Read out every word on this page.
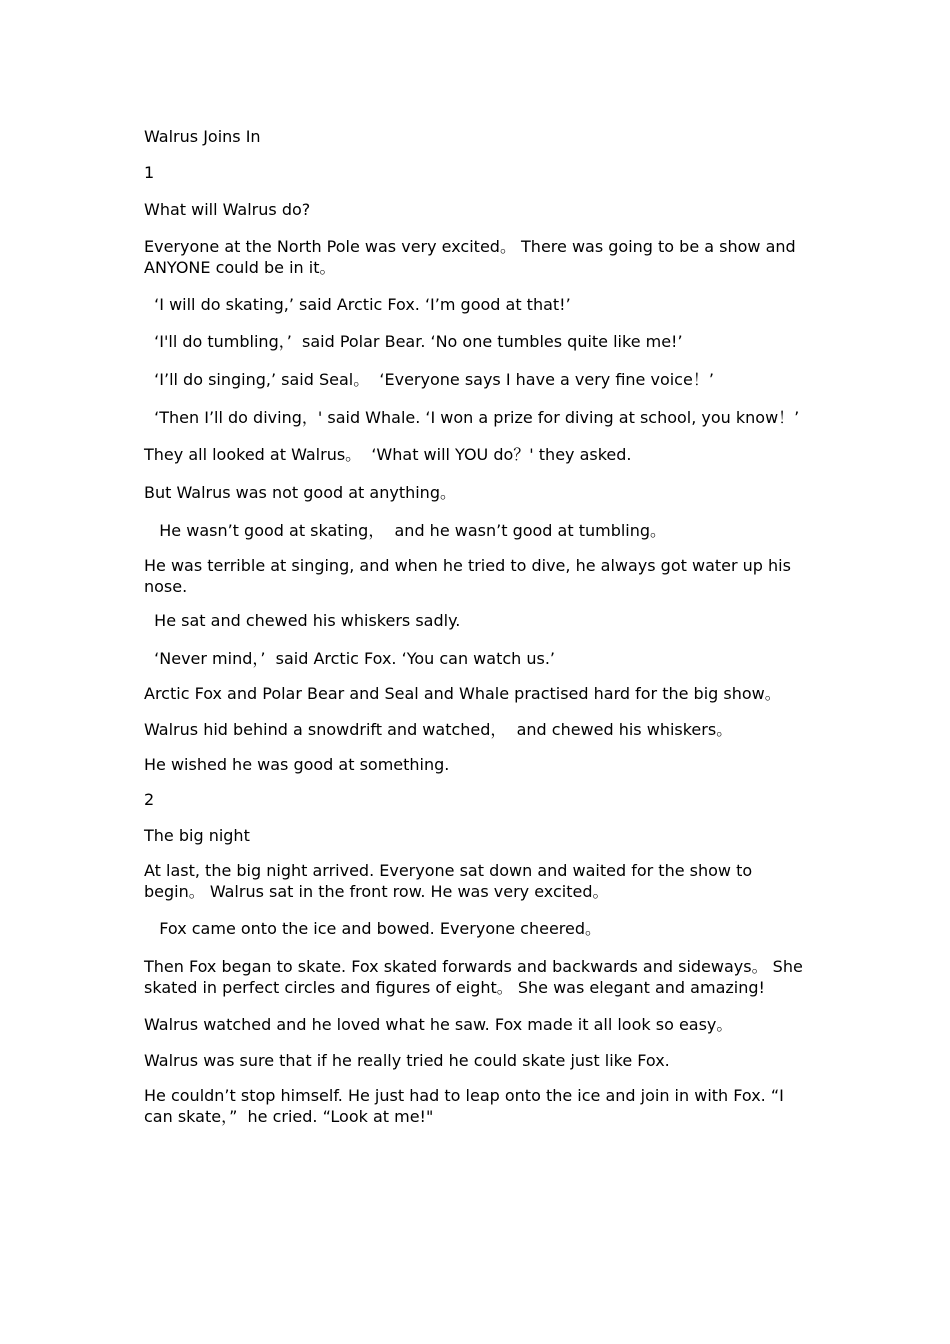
Walrus Joins In

1

What will Walrus do?

Everyone at the North Pole was very excited。 There was going to be a show and ANYONE could be in it。

‘I will do skating,’ said Arctic Fox. ‘I’m good at that!’

‘I'll do tumbling，’  said Polar Bear. ‘No one tumbles quite like me!’

‘I’ll do singing,’ said Seal。  ‘Everyone says I have a very fine voice！’

‘Then I’ll do diving，' said Whale. ‘I won a prize for diving at school, you know！’

They all looked at Walrus。  ‘What will YOU do？' they asked.

But Walrus was not good at anything。

He wasn’t good at skating，  and he wasn’t good at tumbling。

He was terrible at singing, and when he tried to dive, he always got water up his nose.

He sat and chewed his whiskers sadly.

‘Never mind，’  said Arctic Fox. ‘You can watch us.’

Arctic Fox and Polar Bear and Seal and Whale practised hard for the big show。

Walrus hid behind a snowdrift and watched，  and chewed his whiskers。

He wished he was good at something.

2

The big night

At last, the big night arrived. Everyone sat down and waited for the show to begin。 Walrus sat in the front row. He was very excited。

Fox came onto the ice and bowed. Everyone cheered。

Then Fox began to skate. Fox skated forwards and backwards and sideways。 She skated in perfect circles and figures of eight。 She was elegant and amazing!

Walrus watched and he loved what he saw. Fox made it all look so easy。

Walrus was sure that if he really tried he could skate just like Fox.

He couldn’t stop himself. He just had to leap onto the ice and join in with Fox. “I can skate，”  he cried. “Look at me!"
